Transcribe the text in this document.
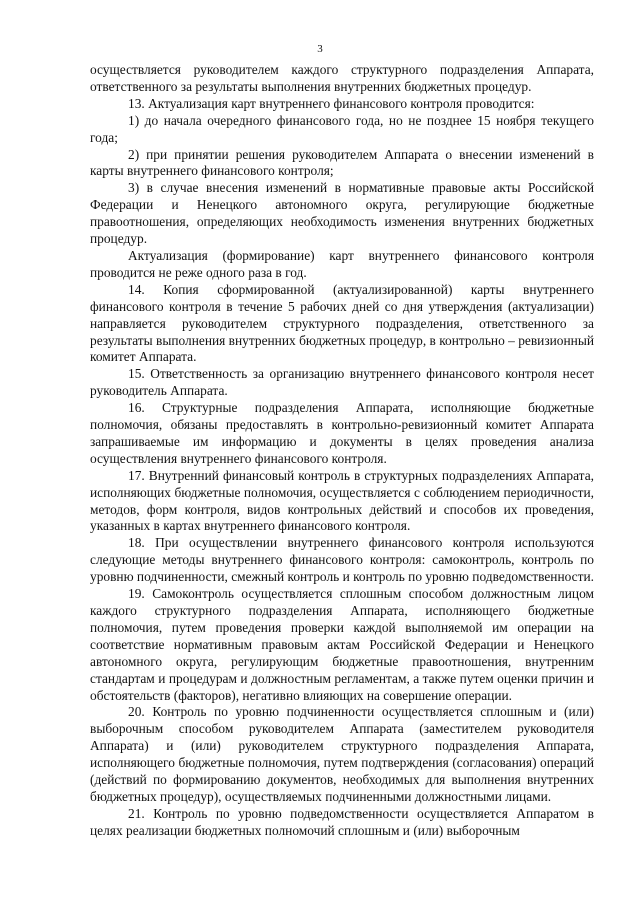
3

осуществляется руководителем каждого структурного подразделения Аппарата, ответственного за результаты выполнения внутренних бюджетных процедур.

13. Актуализация карт внутреннего финансового контроля проводится:

1) до начала очередного финансового года, но не позднее 15 ноября текущего года;

2) при принятии решения руководителем Аппарата о внесении изменений в карты внутреннего финансового контроля;

3) в случае внесения изменений в нормативные правовые акты Российской Федерации и Ненецкого автономного округа, регулирующие бюджетные правоотношения, определяющих необходимость изменения внутренних бюджетных процедур.

Актуализация (формирование) карт внутреннего финансового контроля проводится не реже одного раза в год.

14. Копия сформированной (актуализированной) карты внутреннего финансового контроля в течение 5 рабочих дней со дня утверждения (актуализации) направляется руководителем структурного подразделения, ответственного за результаты выполнения внутренних бюджетных процедур, в контрольно – ревизионный комитет Аппарата.

15. Ответственность за организацию внутреннего финансового контроля несет руководитель Аппарата.

16. Структурные подразделения Аппарата, исполняющие бюджетные полномочия, обязаны предоставлять в контрольно-ревизионный комитет Аппарата запрашиваемые им информацию и документы в целях проведения анализа осуществления внутреннего финансового контроля.

17. Внутренний финансовый контроль в структурных подразделениях Аппарата, исполняющих бюджетные полномочия, осуществляется с соблюдением периодичности, методов, форм контроля, видов контрольных действий и способов их проведения, указанных в картах внутреннего финансового контроля.

18. При осуществлении внутреннего финансового контроля используются следующие методы внутреннего финансового контроля: самоконтроль, контроль по уровню подчиненности, смежный контроль и контроль по уровню подведомственности.

19. Самоконтроль осуществляется сплошным способом должностным лицом каждого структурного подразделения Аппарата, исполняющего бюджетные полномочия, путем проведения проверки каждой выполняемой им операции на соответствие нормативным правовым актам Российской Федерации и Ненецкого автономного округа, регулирующим бюджетные правоотношения, внутренним стандартам и процедурам и должностным регламентам, а также путем оценки причин и обстоятельств (факторов), негативно влияющих на совершение операции.

20. Контроль по уровню подчиненности осуществляется сплошным и (или) выборочным способом руководителем Аппарата (заместителем руководителя Аппарата) и (или) руководителем структурного подразделения Аппарата, исполняющего бюджетные полномочия, путем подтверждения (согласования) операций (действий по формированию документов, необходимых для выполнения внутренних бюджетных процедур), осуществляемых подчиненными должностными лицами.

21. Контроль по уровню подведомственности осуществляется Аппаратом в целях реализации бюджетных полномочий сплошным и (или) выборочным
